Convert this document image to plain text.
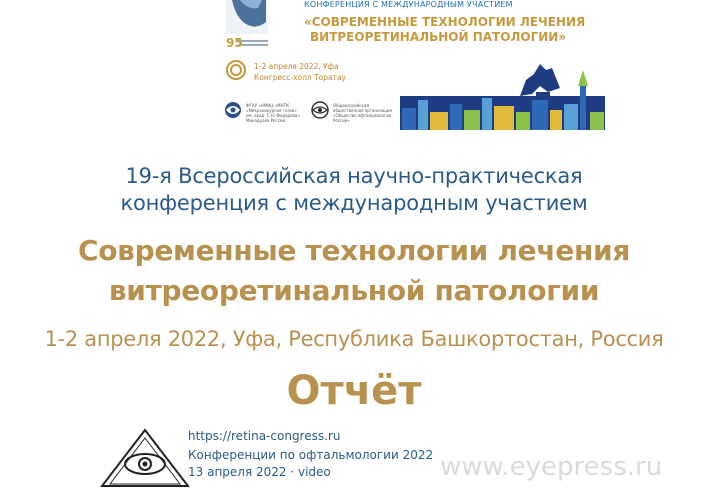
КОНФЕРЕНЦИЯ С МЕЖДУНАРОДНЫМ УЧАСТИЕМ
«СОВРЕМЕННЫЕ ТЕХНОЛОГИИ ЛЕЧЕНИЯ
ВИТРЕОРЕТИНАЛЬНОЙ ПАТОЛОГИИ»
95
1-2 апреля 2022, Уфа
Конгресс-холл Торатау
ФГАУ «НМИЦ «МНТК «Микрохирургия глаза» им. акад. С.Н. Федорова» Минздрава России
Общероссийская общественная организация «Общество офтальмологов России»
19-я Всероссийская научно-практическая
конференция с международным участием
Современные технологии лечения
витреоретинальной патологии
1-2 апреля 2022, Уфа, Республика Башкортостан, Россия
Отчёт
https://retina-congress.ru
Конференции по офтальмологии 2022
13 апреля 2022 · video	www.eyepress.ru
